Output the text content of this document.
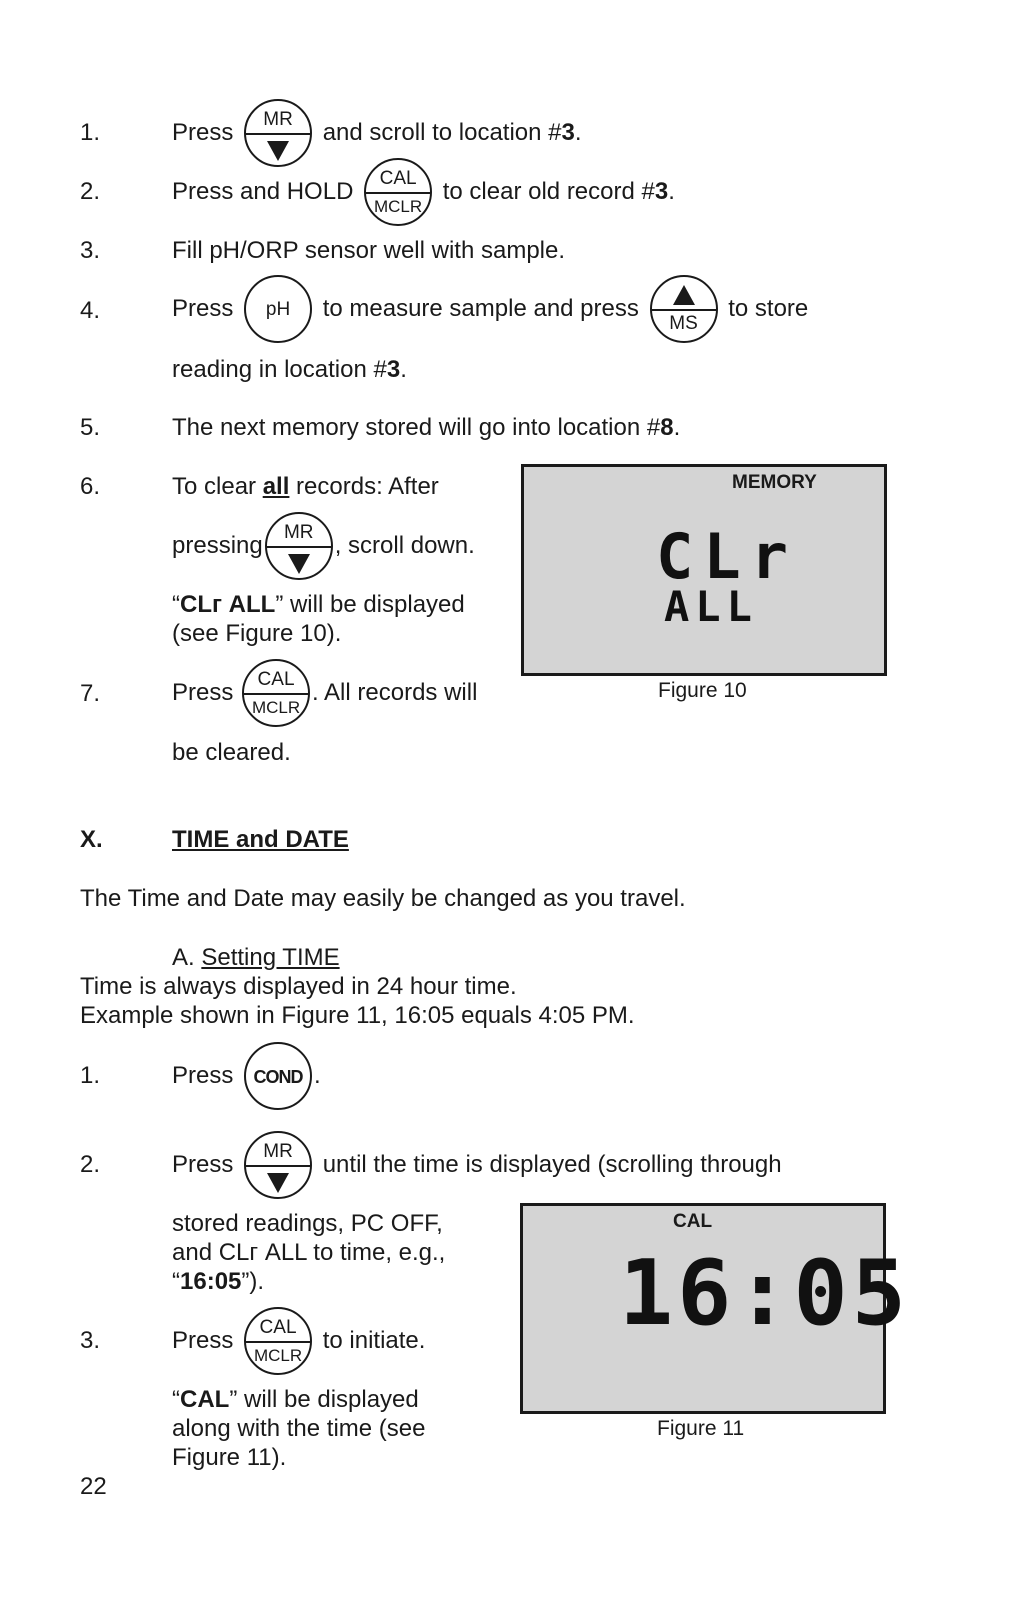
1.	Press	MR	and scroll to location #3.
2.	Press and HOLD	CAL
MCLR
to clear old record #3.
3.	Fill pH/ORP sensor well with sample.
4.	Press	pH	to measure sample and press
MS
to store
reading in location #3.
5.	The next memory stored will go into location #8.
6.	To clear all records: After
pressing	MR , scroll down.
“CLг ALL” will be displayed
(see Figure 10).
7.	Press	CAL
MCLR
. All records will
be cleared.
MEMORY
CLr
ALL
Figure 10
X.	TIME and DATE
The Time and Date may easily be changed as you travel.
A. Setting TIME
Time is always displayed in 24 hour time.
Example shown in Figure 11, 16:05 equals 4:05 PM.
1.	Press	COND .
2.	Press	MR	until the time is displayed (scrolling through
stored readings, PC OFF,
and CLг ALL to time, e.g.,
“16:05”).
3.	Press	CAL
MCLR
to initiate.
“CAL” will be displayed
along with the time (see
Figure 11).
CAL
16:05
Figure 11
22
